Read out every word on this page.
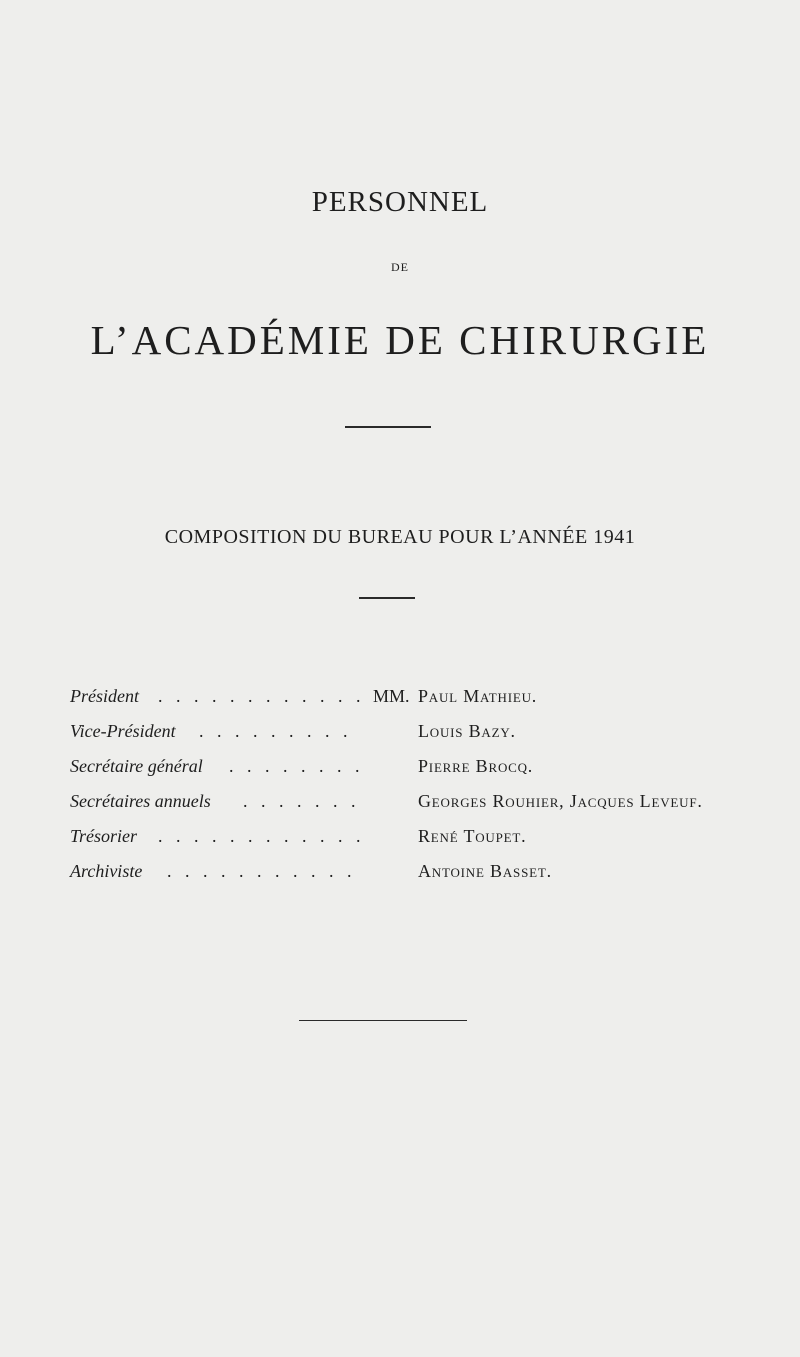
PERSONNEL
DE
L’ACADÉMIE DE CHIRURGIE
COMPOSITION DU BUREAU POUR L’ANNÉE 1941
Président . . . . . . . . . . . . MM. Paul Mathieu.
Vice-Président . . . . . . . . .	Louis Bazy.
Secrétaire général . . . . . . . .	Pierre Brocq.
Secrétaires annuels . . . . . . .	Georges Rouhier, Jacques Leveuf.
Trésorier . . . . . . . . . . . .	René Toupet.
Archiviste . . . . . . . . . . .	Antoine Basset.
